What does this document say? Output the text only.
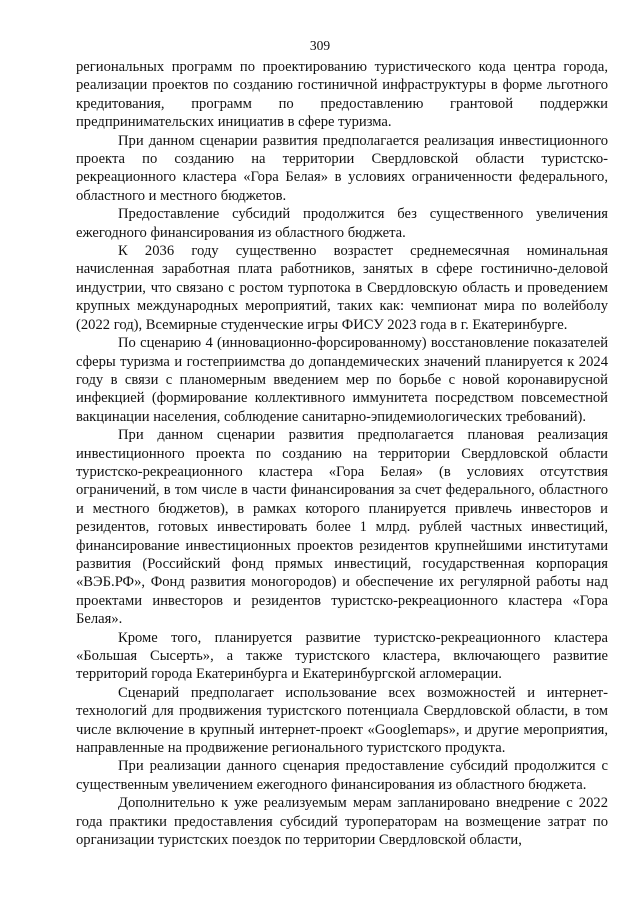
309

региональных программ по проектированию туристического кода центра города, реализации проектов по созданию гостиничной инфраструктуры в форме льготного кредитования, программ по предоставлению грантовой поддержки предпринимательских инициатив в сфере туризма.

При данном сценарии развития предполагается реализация инвестиционного проекта по созданию на территории Свердловской области туристско-рекреационного кластера «Гора Белая» в условиях ограниченности федерального, областного и местного бюджетов.

Предоставление субсидий продолжится без существенного увеличения ежегодного финансирования из областного бюджета.

К 2036 году существенно возрастет среднемесячная номинальная начисленная заработная плата работников, занятых в сфере гостинично-деловой индустрии, что связано с ростом турпотока в Свердловскую область и проведением крупных международных мероприятий, таких как: чемпионат мира по волейболу (2022 год), Всемирные студенческие игры ФИСУ 2023 года в г. Екатеринбурге.

По сценарию 4 (инновационно-форсированному) восстановление показателей сферы туризма и гостеприимства до допандемических значений планируется к 2024 году в связи с планомерным введением мер по борьбе с новой коронавирусной инфекцией (формирование коллективного иммунитета посредством повсеместной вакцинации населения, соблюдение санитарно-эпидемиологических требований).

При данном сценарии развития предполагается плановая реализация инвестиционного проекта по созданию на территории Свердловской области туристско-рекреационного кластера «Гора Белая» (в условиях отсутствия ограничений, в том числе в части финансирования за счет федерального, областного и местного бюджетов), в рамках которого планируется привлечь инвесторов и резидентов, готовых инвестировать более 1 млрд. рублей частных инвестиций, финансирование инвестиционных проектов резидентов крупнейшими институтами развития (Российский фонд прямых инвестиций, государственная корпорация «ВЭБ.РФ», Фонд развития моногородов) и обеспечение их регулярной работы над проектами инвесторов и резидентов туристско-рекреационного кластера «Гора Белая».

Кроме того, планируется развитие туристско-рекреационного кластера «Большая Сысерть», а также туристского кластера, включающего развитие территорий города Екатеринбурга и Екатеринбургской агломерации.

Сценарий предполагает использование всех возможностей и интернет-технологий для продвижения туристского потенциала Свердловской области, в том числе включение в крупный интернет-проект «Googlemaps», и другие мероприятия, направленные на продвижение регионального туристского продукта.

При реализации данного сценария предоставление субсидий продолжится с существенным увеличением ежегодного финансирования из областного бюджета.

Дополнительно к уже реализуемым мерам запланировано внедрение с 2022 года практики предоставления субсидий туроператорам на возмещение затрат по организации туристских поездок по территории Свердловской области,
